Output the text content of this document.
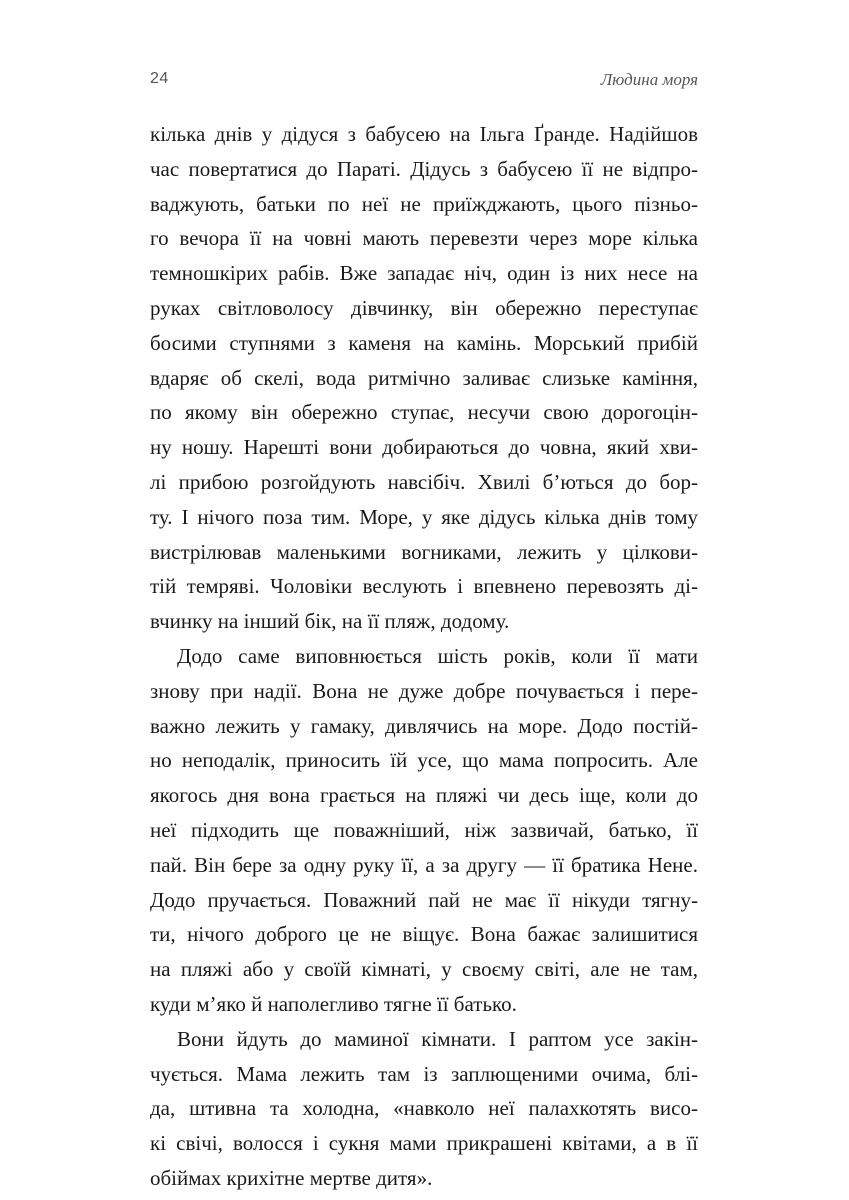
24	Людина моря
кілька днів у дідуся з бабусею на Ільга Ґранде. Надійшов
час повертатися до Параті. Дідусь з бабусею її не відпро-
ваджують, батьки по неї не приїжджають, цього пізньо-
го вечора її на човні мають перевезти через море кілька
темношкірих рабів. Вже западає ніч, один із них несе на
руках світловолосу дівчинку, він обережно переступає
босими ступнями з каменя на камінь. Морський прибій
вдаряє об скелі, вода ритмічно заливає слизьке каміння,
по якому він обережно ступає, несучи свою дорогоцін-
ну ношу. Нарешті вони добираються до човна, який хви-
лі прибою розгойдують навсібіч. Хвилі б’ються до бор-
ту. І нічого поза тим. Море, у яке дідусь кілька днів тому
вистрілював маленькими вогниками, лежить у цілкови-
тій темряві. Чоловіки веслують і впевнено перевозять ді-
вчинку на інший бік, на її пляж, додому.
Додо саме виповнюється шість років, коли її мати
знову при надії. Вона не дуже добре почувається і пере-
важно лежить у гамаку, дивлячись на море. Додо постій-
но неподалік, приносить їй усе, що мама попросить. Але
якогось дня вона грається на пляжі чи десь іще, коли до
неї підходить ще поважніший, ніж зазвичай, батько, її
пай. Він бере за одну руку її, а за другу — її братика Нене.
Додо пручається. Поважний пай не має її нікуди тягну-
ти, нічого доброго це не віщує. Вона бажає залишитися
на пляжі або у своїй кімнаті, у своєму світі, але не там,
куди м’яко й наполегливо тягне її батько.
Вони йдуть до маминої кімнати. І раптом усе закін-
чується. Мама лежить там із заплющеними очима, блі-
да, штивна та холодна, «навколо неї палахкотять висо-
кі свічі, волосся і сукня мами прикрашені квітами, а в її
обіймах крихітне мертве дитя».
